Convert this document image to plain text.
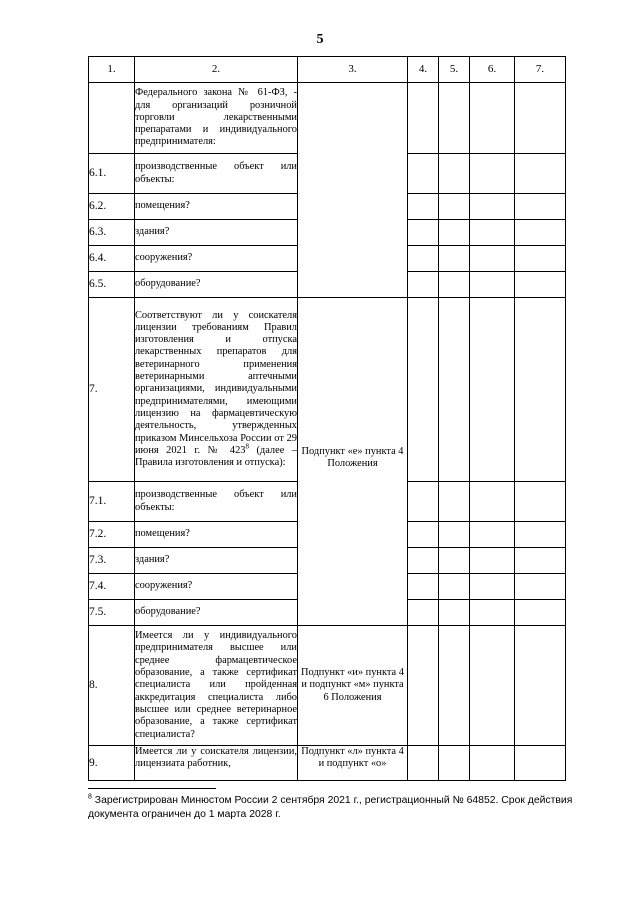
5
1.	2.	3.	4.	5.	6.	7.
	Федеральнoго закона № 61-ФЗ, - для организаций розничной торговли лекарственными препаратами и индивидуального предпринимателя:					
6.1.	производственные объект или объекты:					
6.2.	помещения?					
6.3.	здания?					
6.4.	сооружения?					
6.5.	оборудование?					
7.	Соответствуют ли у соискателя лицензии требованиям Правил изготовления и отпуска лекарственных препаратов для ветеринарного применения ветеринарными аптечными организациями, индивидуальными предпринимателями, имеющими лицензию на фармацевтическую деятельность, утвержденных приказом Минсельхоза России от 29 июня 2021 г. № $423^8$ (далее – Правила изготовления и отпуска):	Подпункт «е» пункта 4 Положения				

7.1.	производственные объект или объекты:					
7.2.	помещения?					
7.3.	здания?					
7.4.	сооружения?					
7.5.	оборудование?					
8.	Имеется ли у индивидуального предпринимателя высшее или среднее фармацевтическое образование, а также сертификат специалиста или пройденная аккредитация специалиста либо высшее или среднее ветеринарное образование, а также сертификат специалиста?	Подпункт «и» пункта 4 и подпункт «м» пункта 6 Положения				
9.	Имеется ли у соискателя лицензии, лицензиата работник,	Подпункт «л» пункта 4 и подпункт «о»				
$^8$ Зарегистрирован Минюстом России 2 сентября 2021 г., регистрационный № 64852. Срок действия документа ограничен до 1 марта 2028 г.
